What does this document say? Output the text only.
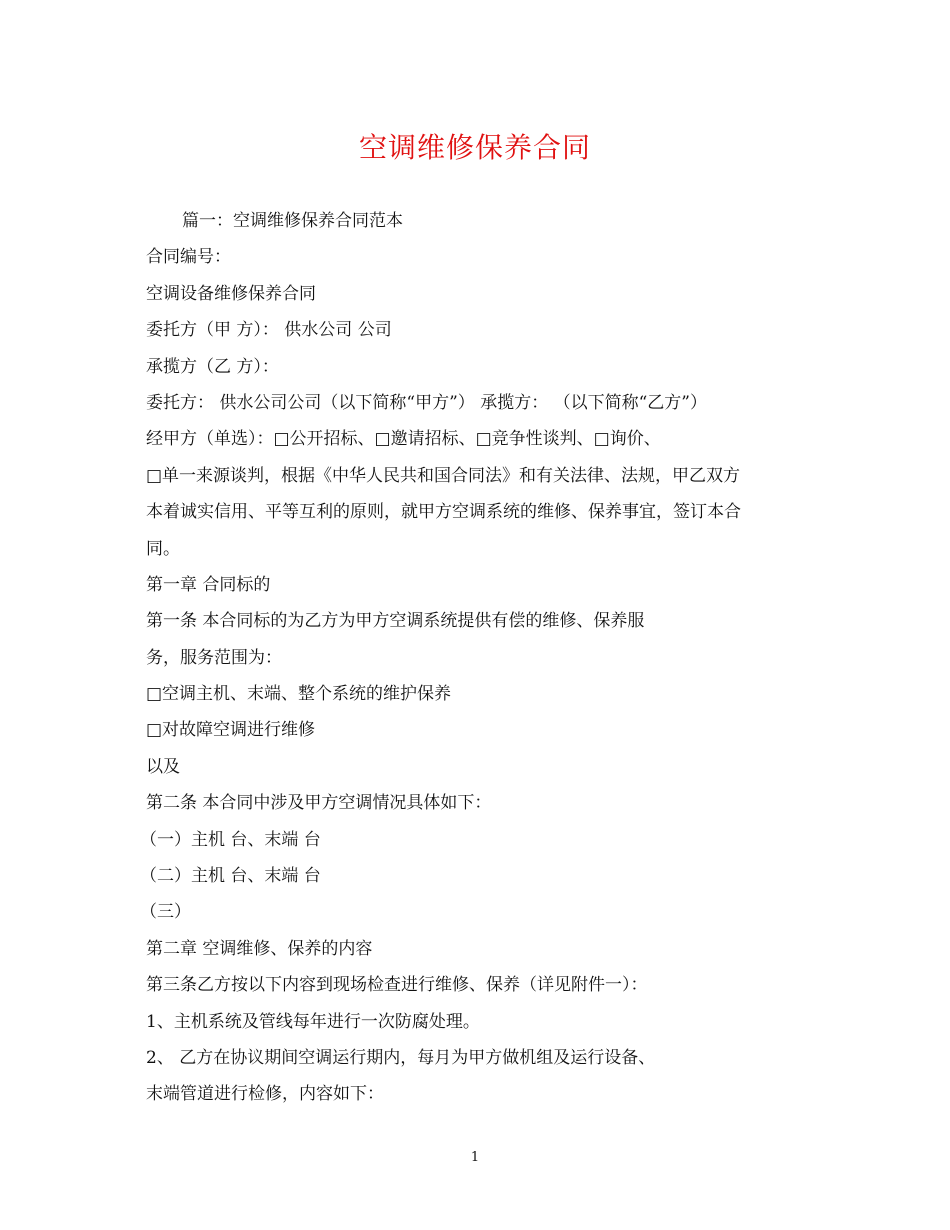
空调维修保养合同
篇一：空调维修保养合同范本
合同编号：
空调设备维修保养合同
委托方（甲 方）： 供水公司 公司
承揽方（乙 方）：
委托方： 供水公司公司（以下简称“甲方”） 承揽方： （以下简称“乙方”）
经甲方（单选）：□公开招标、□邀请招标、□竞争性谈判、□询价、
□单一来源谈判，根据《中华人民共和国合同法》和有关法律、法规，甲乙双方
本着诚实信用、平等互利的原则，就甲方空调系统的维修、保养事宜，签订本合
同。
第一章 合同标的
第一条 本合同标的为乙方为甲方空调系统提供有偿的维修、保养服
务，服务范围为：
□空调主机、末端、整个系统的维护保养
□对故障空调进行维修
以及
第二条 本合同中涉及甲方空调情况具体如下：
（一）主机 台、末端 台
（二）主机 台、末端 台
（三）
第二章 空调维修、保养的内容
第三条乙方按以下内容到现场检查进行维修、保养（详见附件一）：
1、主机系统及管线每年进行一次防腐处理。
2、 乙方在协议期间空调运行期内，每月为甲方做机组及运行设备、
末端管道进行检修，内容如下：
1
